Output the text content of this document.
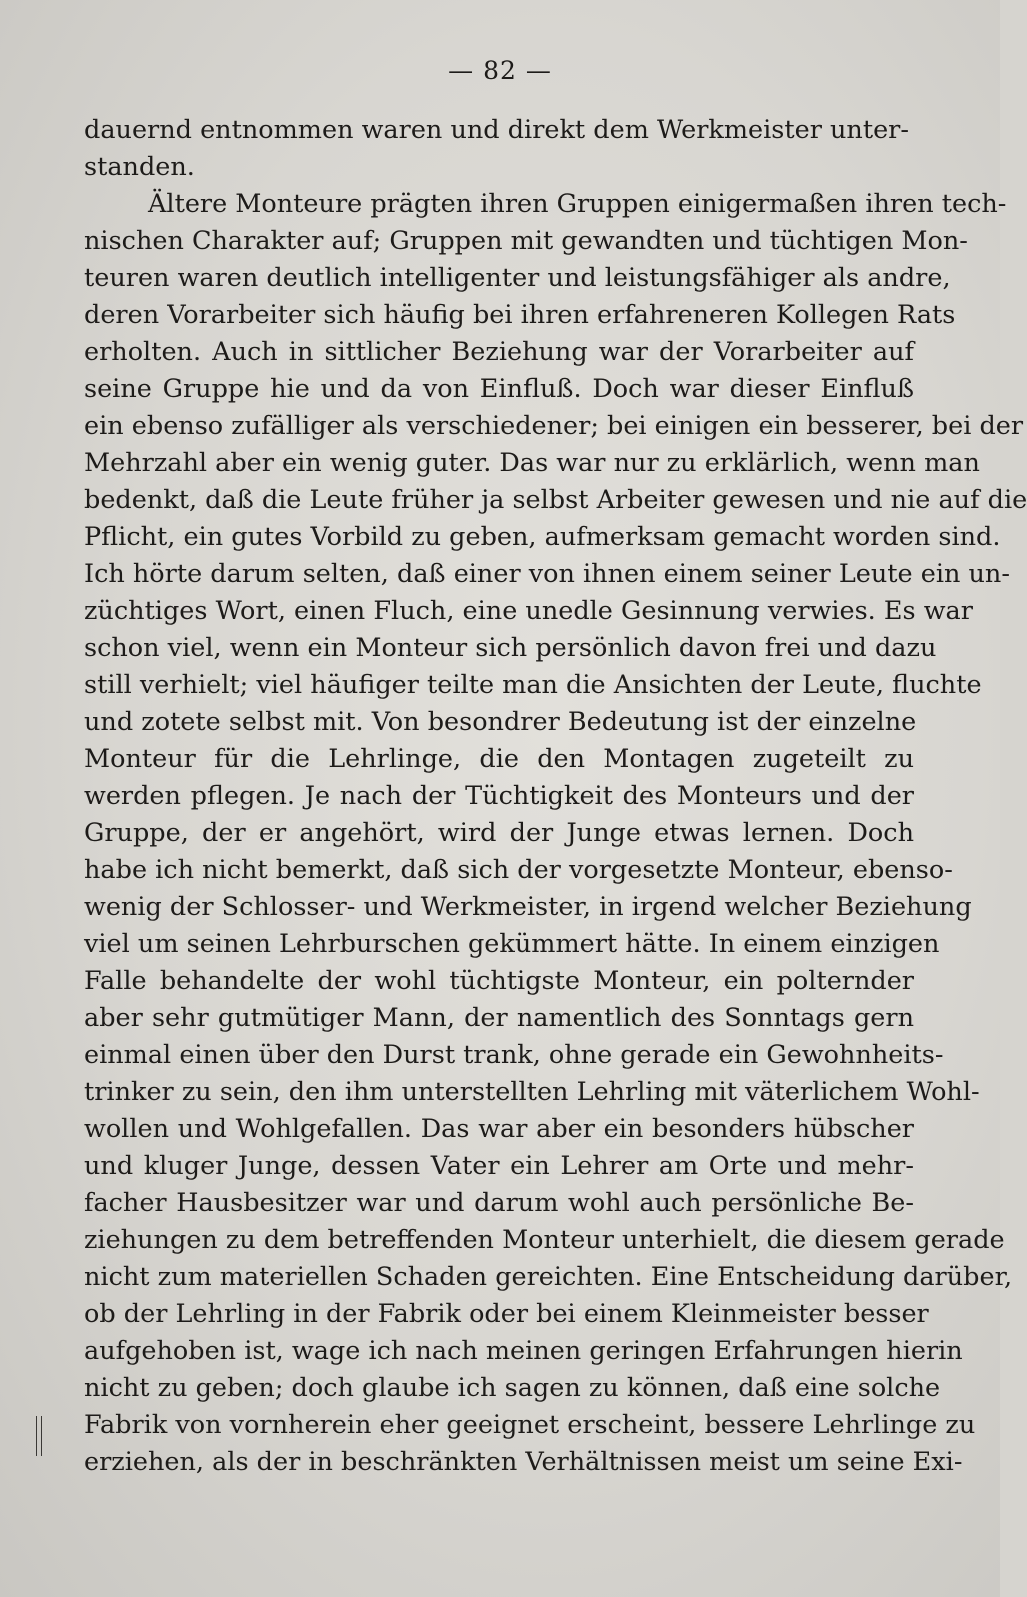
— 82 —
dauernd entnommen waren und direkt dem Werkmeister unter-
standen.
Ältere Monteure prägten ihren Gruppen einigermaßen ihren tech-
nischen Charakter auf; Gruppen mit gewandten und tüchtigen Mon-
teuren waren deutlich intelligenter und leistungsfähiger als andre,
deren Vorarbeiter sich häufig bei ihren erfahreneren Kollegen Rats
erholten. Auch in sittlicher Beziehung war der Vorarbeiter auf
seine Gruppe hie und da von Einfluß. Doch war dieser Einfluß
ein ebenso zufälliger als verschiedener; bei einigen ein besserer, bei der
Mehrzahl aber ein wenig guter. Das war nur zu erklärlich, wenn man
bedenkt, daß die Leute früher ja selbst Arbeiter gewesen und nie auf die
Pflicht, ein gutes Vorbild zu geben, aufmerksam gemacht worden sind.
Ich hörte darum selten, daß einer von ihnen einem seiner Leute ein un-
züchtiges Wort, einen Fluch, eine unedle Gesinnung verwies. Es war
schon viel, wenn ein Monteur sich persönlich davon frei und dazu
still verhielt; viel häufiger teilte man die Ansichten der Leute, fluchte
und zotete selbst mit. Von besondrer Bedeutung ist der einzelne
Monteur für die Lehrlinge, die den Montagen zugeteilt zu
werden pflegen. Je nach der Tüchtigkeit des Monteurs und der
Gruppe, der er angehört, wird der Junge etwas lernen. Doch
habe ich nicht bemerkt, daß sich der vorgesetzte Monteur, ebenso-
wenig der Schlosser- und Werkmeister, in irgend welcher Beziehung
viel um seinen Lehrburschen gekümmert hätte. In einem einzigen
Falle behandelte der wohl tüchtigste Monteur, ein polternder
aber sehr gutmütiger Mann, der namentlich des Sonntags gern
einmal einen über den Durst trank, ohne gerade ein Gewohnheits-
trinker zu sein, den ihm unterstellten Lehrling mit väterlichem Wohl-
wollen und Wohlgefallen. Das war aber ein besonders hübscher
und kluger Junge, dessen Vater ein Lehrer am Orte und mehr-
facher Hausbesitzer war und darum wohl auch persönliche Be-
ziehungen zu dem betreffenden Monteur unterhielt, die diesem gerade
nicht zum materiellen Schaden gereichten. Eine Entscheidung darüber,
ob der Lehrling in der Fabrik oder bei einem Kleinmeister besser
aufgehoben ist, wage ich nach meinen geringen Erfahrungen hierin
nicht zu geben; doch glaube ich sagen zu können, daß eine solche
Fabrik von vornherein eher geeignet erscheint, bessere Lehrlinge zu
erziehen, als der in beschränkten Verhältnissen meist um seine Exi-
